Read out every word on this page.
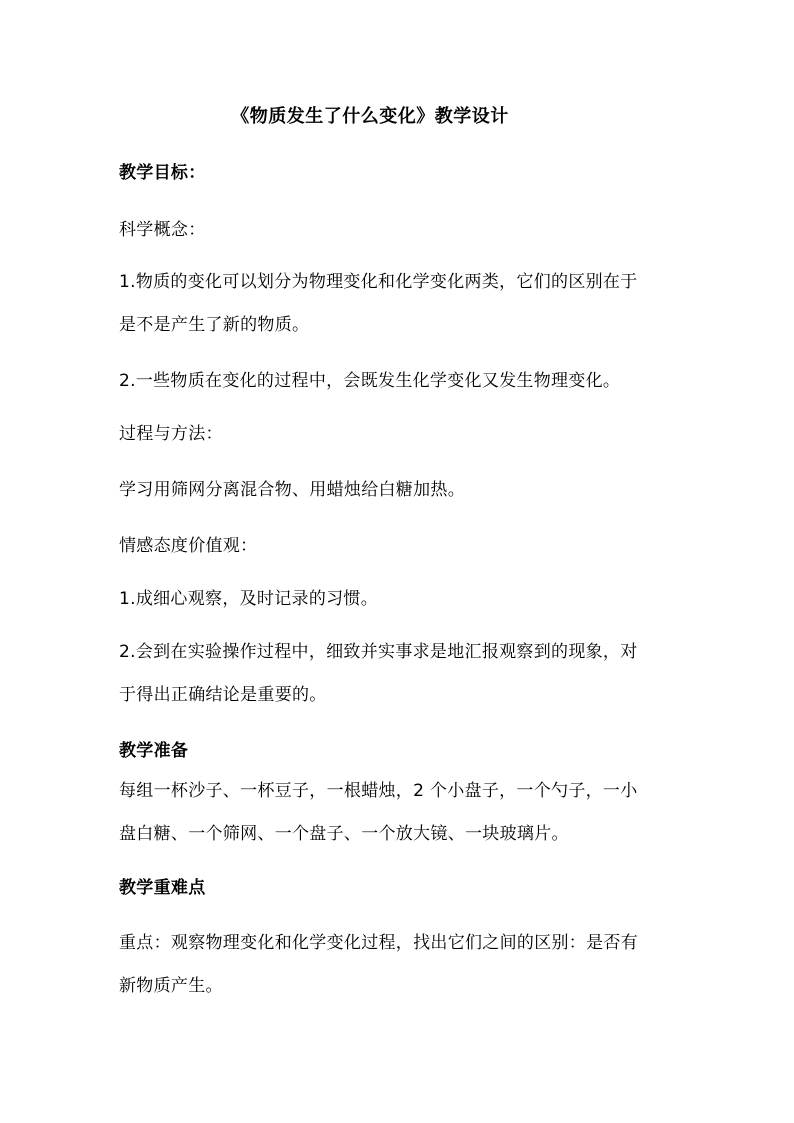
《物质发生了什么变化》教学设计
教学目标：
科学概念：
1.物质的变化可以划分为物理变化和化学变化两类，它们的区别在于
是不是产生了新的物质。
2.一些物质在变化的过程中，会既发生化学变化又发生物理变化。
过程与方法：
学习用筛网分离混合物、用蜡烛给白糖加热。
情感态度价值观：
1.成细心观察，及时记录的习惯。
2.会到在实验操作过程中，细致并实事求是地汇报观察到的现象，对
于得出正确结论是重要的。
教学准备
每组一杯沙子、一杯豆子，一根蜡烛，2 个小盘子，一个勺子，一小
盘白糖、一个筛网、一个盘子、一个放大镜、一块玻璃片。
教学重难点
重点：观察物理变化和化学变化过程，找出它们之间的区别：是否有
新物质产生。
